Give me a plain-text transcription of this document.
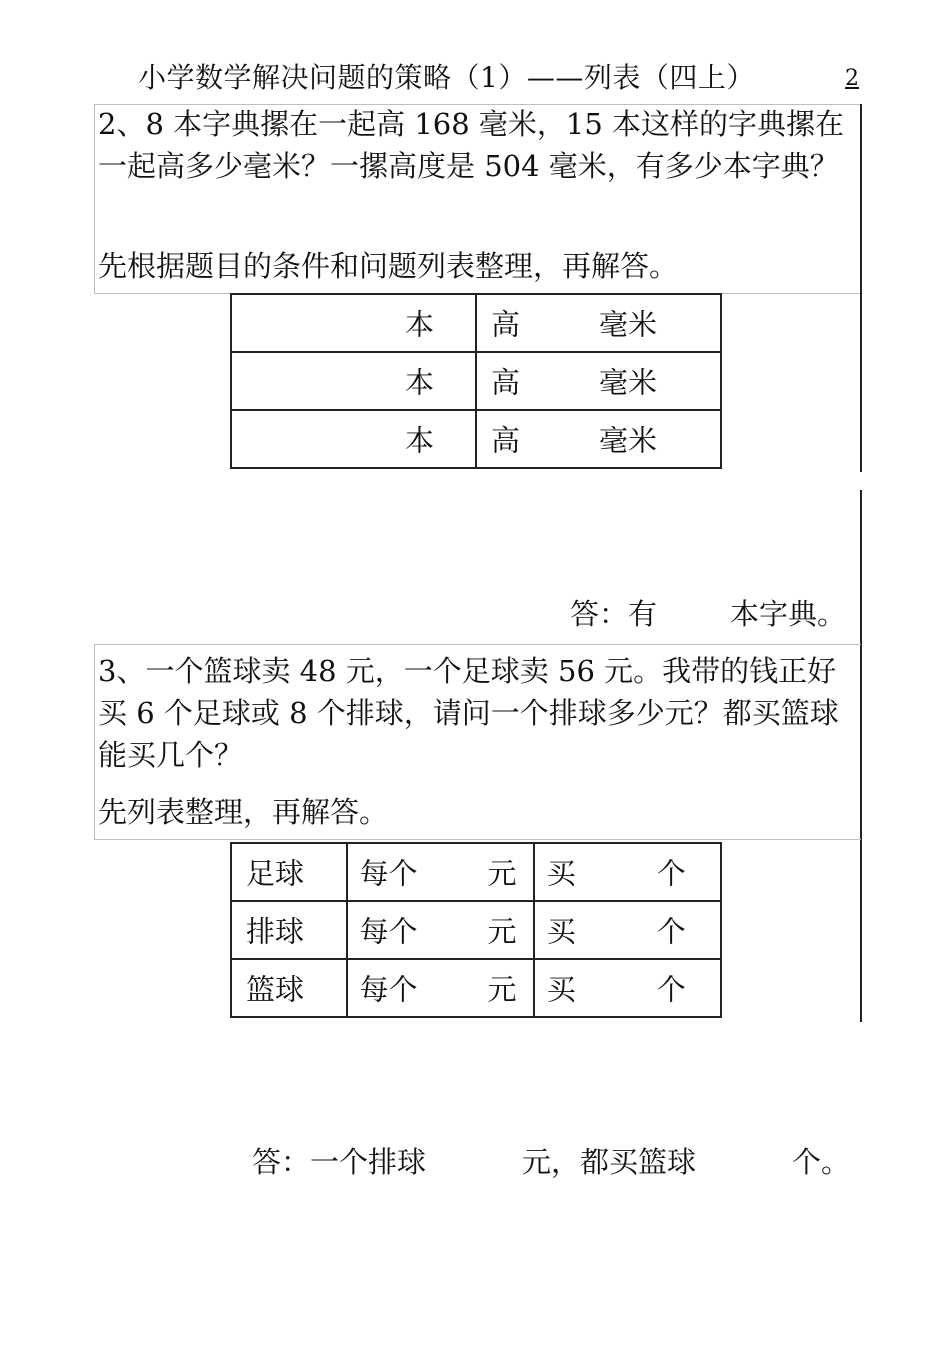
小学数学解决问题的策略（1）——列表（四上）	2
2、8 本字典摞在一起高 168 毫米，15 本这样的字典摞在一起高多少毫米？一摞高度是 504 毫米，有多少本字典？
先根据题目的条件和问题列表整理，再解答。
本	高 毫米

本	高 毫米

本	高 毫米
答：有	本字典。
3、一个篮球卖 48 元，一个足球卖 56 元。我带的钱正好买 6 个足球或 8 个排球，请问一个排球多少元？都买篮球能买几个？
先列表整理，再解答。
足球	每个 元	买 个

排球	每个 元	买 个

篮球	每个 元	买 个
答：一个排球	元，都买篮球	个。
